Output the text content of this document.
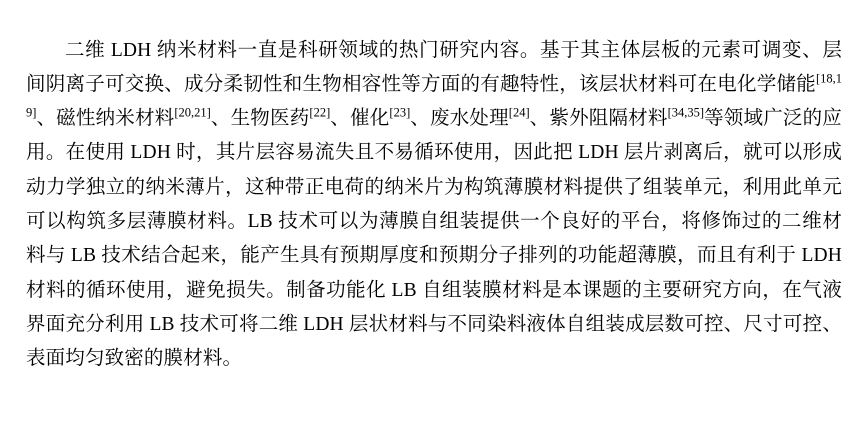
二维 LDH 纳米材料一直是科研领域的热门研究内容。基于其主体层板的元素可调变、层间阴离子可交换、成分柔韧性和生物相容性等方面的有趣特性，该层状材料可在电化学储能[18,19]、磁性纳米材料[20,21]、生物医药[22]、催化[23]、废水处理[24]、紫外阻隔材料[34,35]等领域广泛的应用。在使用 LDH 时，其片层容易流失且不易循环使用，因此把 LDH 层片剥离后，就可以形成动力学独立的纳米薄片，这种带正电荷的纳米片为构筑薄膜材料提供了组装单元，利用此单元可以构筑多层薄膜材料。LB 技术可以为薄膜自组装提供一个良好的平台，将修饰过的二维材料与 LB 技术结合起来，能产生具有预期厚度和预期分子排列的功能超薄膜，而且有利于 LDH 材料的循环使用，避免损失。制备功能化 LB 自组装膜材料是本课题的主要研究方向，在气液界面充分利用 LB 技术可将二维 LDH 层状材料与不同染料液体自组装成层数可控、尺寸可控、表面均匀致密的膜材料。
